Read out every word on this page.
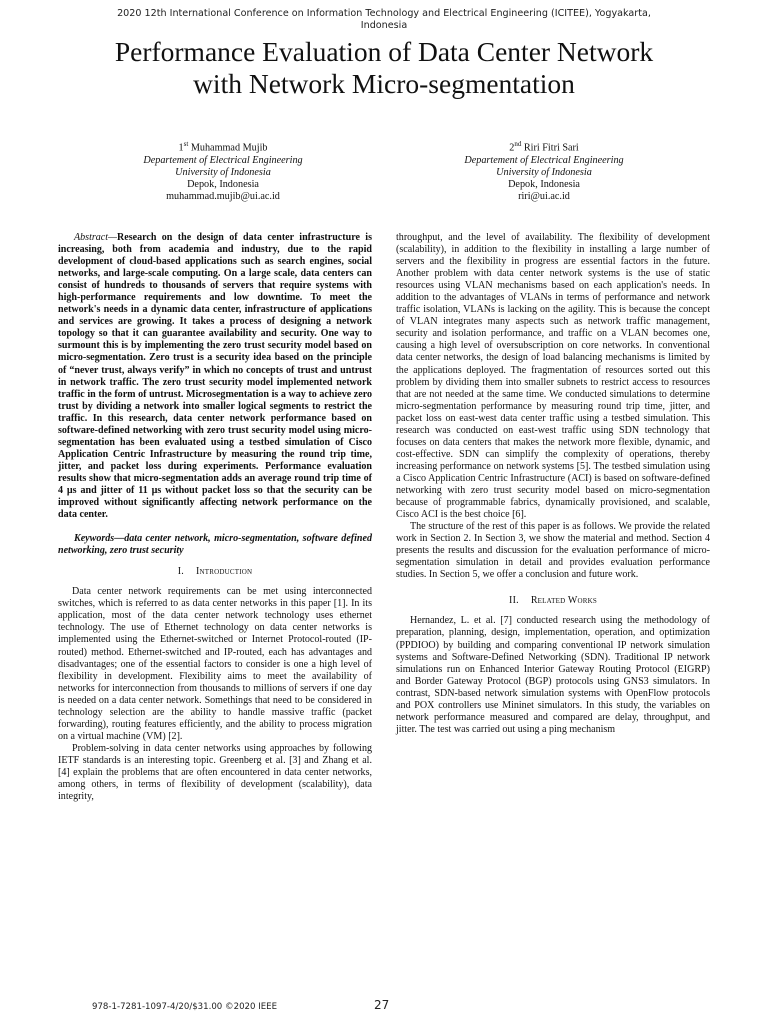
2020 12th International Conference on Information Technology and Electrical Engineering (ICITEE), Yogyakarta,
Indonesia
Performance Evaluation of Data Center Network
with Network Micro-segmentation
1st Muhammad Mujib
Departement of Electrical Engineering
University of Indonesia
Depok, Indonesia
muhammad.mujib@ui.ac.id
2nd Riri Fitri Sari
Departement of Electrical Engineering
University of Indonesia
Depok, Indonesia
riri@ui.ac.id

Abstract—Research on the design of data center infrastructure is increasing, both from academia and industry, due to the rapid development of cloud-based applications such as search engines, social networks, and large-scale computing. On a large scale, data centers can consist of hundreds to thousands of servers that require systems with high-performance requirements and low downtime. To meet the network's needs in a dynamic data center, infrastructure of applications and services are growing. It takes a process of designing a network topology so that it can guarantee availability and security. One way to surmount this is by implementing the zero trust security model based on micro-segmentation. Zero trust is a security idea based on the principle of “never trust, always verify” in which no concepts of trust and untrust in network traffic. The zero trust security model implemented network traffic in the form of untrust. Microsegmentation is a way to achieve zero trust by dividing a network into smaller logical segments to restrict the traffic. In this research, data center network performance based on software-defined networking with zero trust security model using micro-segmentation has been evaluated using a testbed simulation of Cisco Application Centric Infrastructure by measuring the round trip time, jitter, and packet loss during experiments. Performance evaluation results show that micro-segmentation adds an average round trip time of 4 µs and jitter of 11 µs without packet loss so that the security can be improved without significantly affecting network performance on the data center.

Keywords—data center network, micro-segmentation, software defined networking, zero trust security

I. Introduction

Data center network requirements can be met using interconnected switches, which is referred to as data center networks in this paper [1]. In its application, most of the data center network technology uses ethernet technology. The use of Ethernet technology on data center networks is implemented using the Ethernet-switched or Internet Protocol-routed (IP- routed) method. Ethernet-switched and IP-routed, each has advantages and disadvantages; one of the essential factors to consider is one a high level of flexibility in development. Flexibility aims to meet the availability of networks for interconnection from thousands to millions of servers if one day is needed on a data center network. Somethings that need to be considered in technology selection are the ability to handle massive traffic (packet forwarding), routing features efficiently, and the ability to process migration on a virtual machine (VM) [2].

Problem-solving in data center networks using approaches by following IETF standards is an interesting topic. Greenberg et al. [3] and Zhang et al. [4] explain the problems that are often encountered in data center networks, among others, in terms of flexibility of development (scalability), data integrity,

throughput, and the level of availability. The flexibility of development (scalability), in addition to the flexibility in installing a large number of servers and the flexibility in progress are essential factors in the future. Another problem with data center network systems is the use of static resources using VLAN mechanisms based on each application's needs. In addition to the advantages of VLANs in terms of performance and network traffic isolation, VLANs is lacking on the agility. This is because the concept of VLAN integrates many aspects such as network traffic management, security and isolation performance, and traffic on a VLAN becomes one, causing a high level of oversubscription on core networks. In conventional data center networks, the design of load balancing mechanisms is limited by the applications deployed. The fragmentation of resources sorted out this problem by dividing them into smaller subnets to restrict access to resources that are not needed at the same time. We conducted simulations to determine micro-segmentation performance by measuring round trip time, jitter, and packet loss on east-west data center traffic using a testbed simulation. This research was conducted on east-west traffic using SDN technology that focuses on data centers that makes the network more flexible, dynamic, and cost-effective. SDN can simplify the complexity of operations, thereby increasing performance on network systems [5]. The testbed simulation using a Cisco Application Centric Infrastructure (ACI) is based on software-defined networking with zero trust security model based on micro-segmentation because of programmable fabrics, dynamically provisioned, and scalable, Cisco ACI is the best choice [6].

The structure of the rest of this paper is as follows. We provide the related work in Section 2. In Section 3, we show the material and method. Section 4 presents the results and discussion for the evaluation performance of micro-segmentation simulation in detail and provides evaluation performance studies. In Section 5, we offer a conclusion and future work.

II. Related Works

Hernandez, L. et al. [7] conducted research using the methodology of preparation, planning, design, implementation, operation, and optimization (PPDIOO) by building and comparing conventional IP network simulation systems and Software-Defined Networking (SDN). Traditional IP network simulations run on Enhanced Interior Gateway Routing Protocol (EIGRP) and Border Gateway Protocol (BGP) protocols using GNS3 simulators. In contrast, SDN-based network simulation systems with OpenFlow protocols and POX controllers use Mininet simulators. In this study, the variables on network performance measured and compared are delay, throughput, and jitter. The test was carried out using a ping mechanism

978-1-7281-1097-4/20/$31.00 ©2020 IEEE	27
